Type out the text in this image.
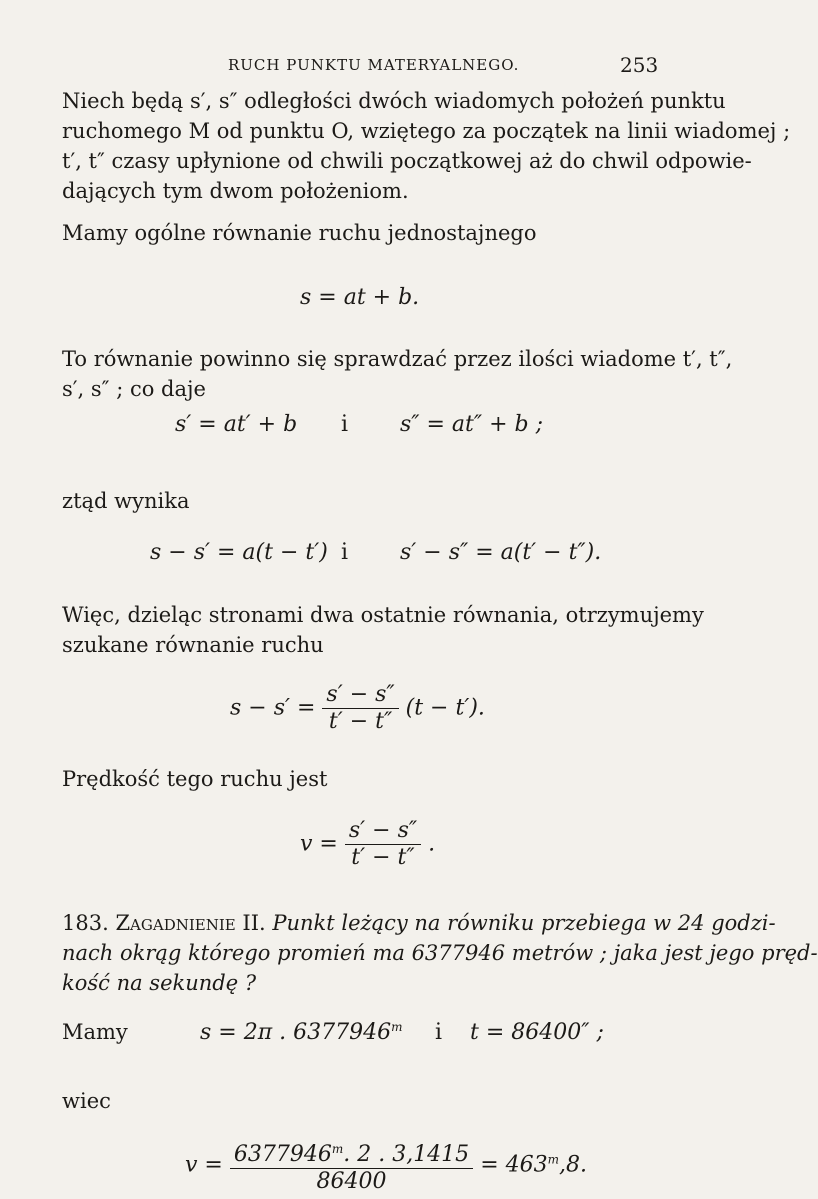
RUCH PUNKTU MATERYALNEGO.	253
Niech będą s′, s″ odległości dwóch wiadomych położeń punktu
ruchomego M od punktu O, wziętego za początek na linii wiadomej ;
t′, t″ czasy upłynione od chwili początkowej aż do chwil odpowie-
dających tym dwom położeniom.
Mamy ogólne równanie ruchu jednostajnego
s = at + b.
To równanie powinno się sprawdzać przez ilości wiadome t′, t″,
s′, s″ ; co daje
s′ = at′ + b i s″ = at″ + b ;
ztąd wynika
s − s′ = a(t − t′) i s′ − s″ = a(t′ − t″).
Więc, dzieląc stronami dwa ostatnie równania, otrzymujemy
szukane równanie ruchu
$s - s' = \frac{s' - s''}{t' - t''} (t - t')$.
Prędkość tego ruchu jest
$v = \frac{s' - s''}{t' - t''}$ .
183. Zagadnienie II. Punkt leżący na równiku przebiega w 24 godzi-
nach okrąg którego promień ma 6377946 metrów ; jaka jest jego pręd-
kość na sekundę ?
Mamy	s = 2π . 6377946$^m$ i t = 86400″ ;
wiec
$v = \frac{6377946^m. 2 . 3,1415}{86400} = 463^m,8$.
